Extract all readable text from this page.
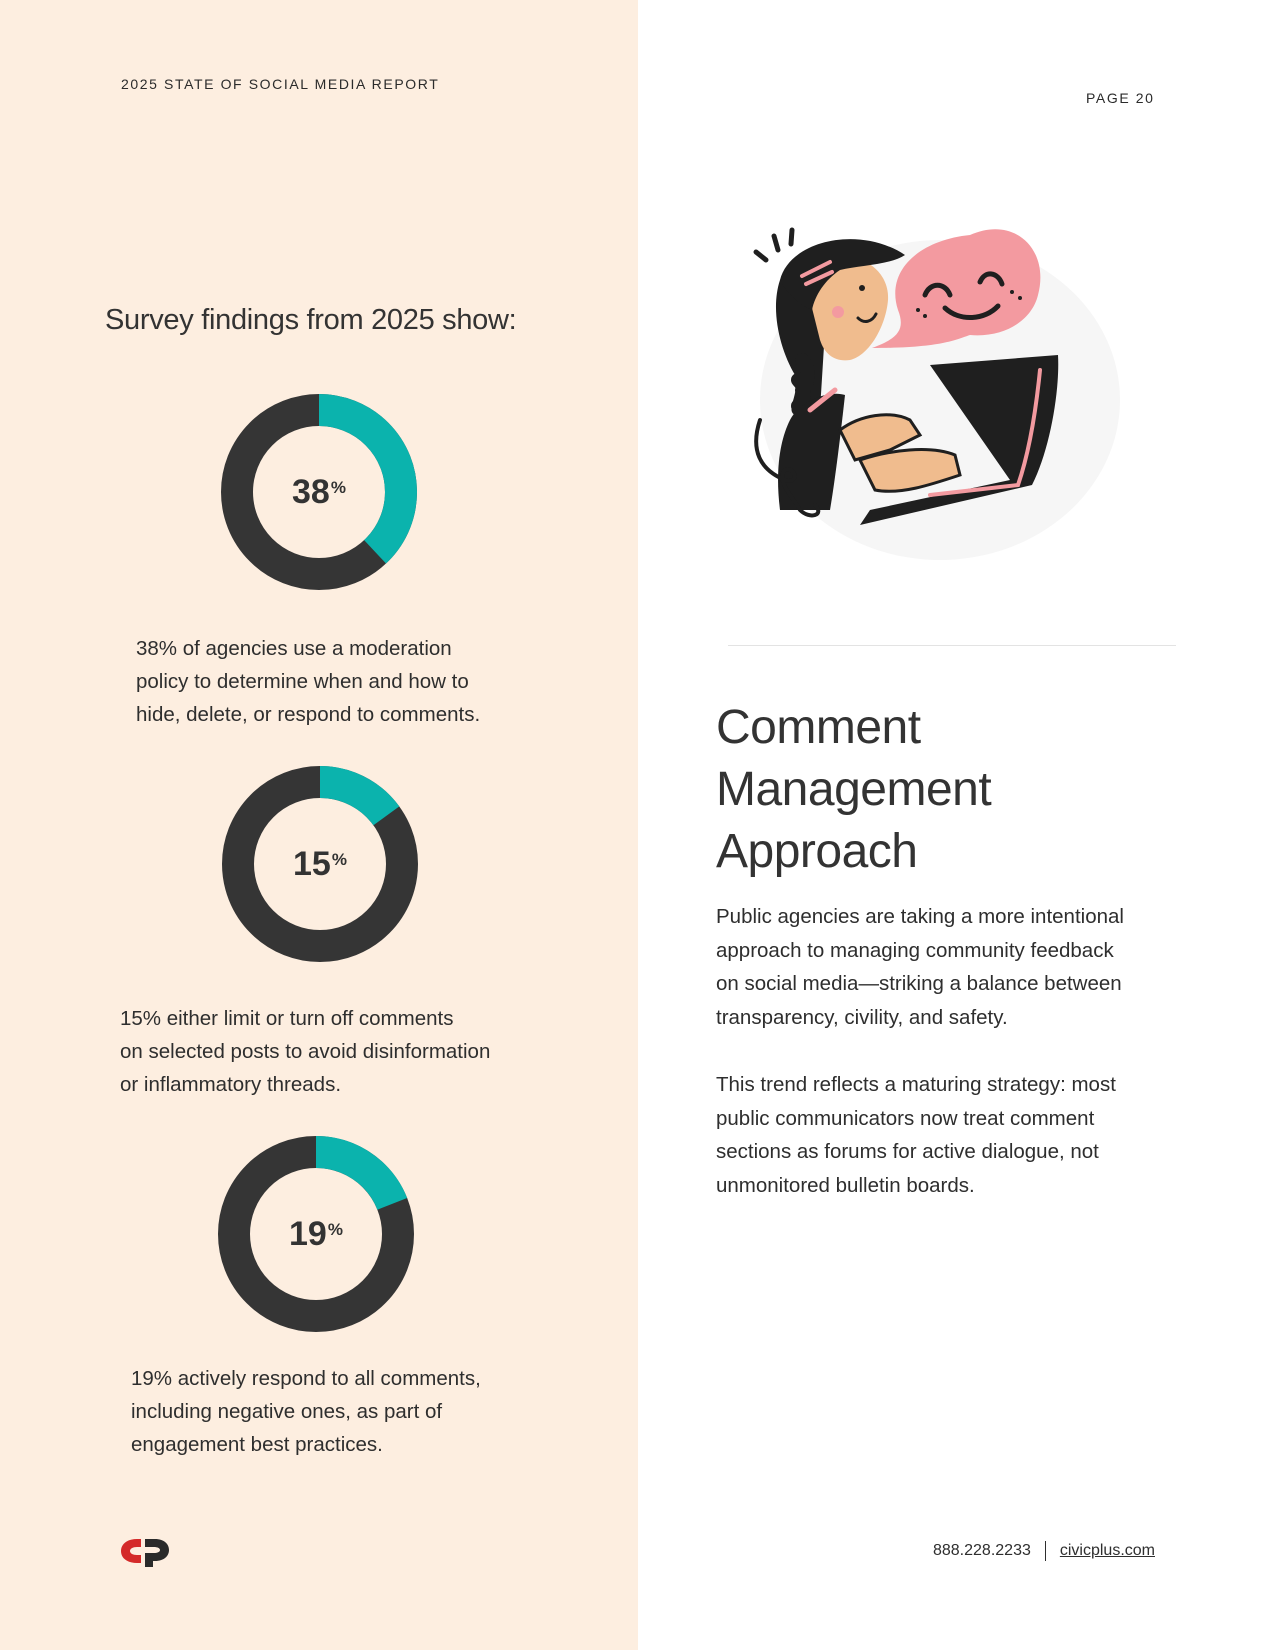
2025 STATE OF SOCIAL MEDIA REPORT
PAGE 20
Survey findings from 2025 show:
38%
38% of agencies use a moderation
policy to determine when and how to
hide, delete, or respond to comments.
15%
15% either limit or turn off comments
on selected posts to avoid disinformation
or inflammatory threads.
19%
19% actively respond to all comments,
including negative ones, as part of
engagement best practices.
Comment
Management
Approach
Public agencies are taking a more intentional
approach to managing community feedback
on social media—striking a balance between
transparency, civility, and safety.
This trend reflects a maturing strategy: most
public communicators now treat comment
sections as forums for active dialogue, not
unmonitored bulletin boards.
888.228.2233 civicplus.com
